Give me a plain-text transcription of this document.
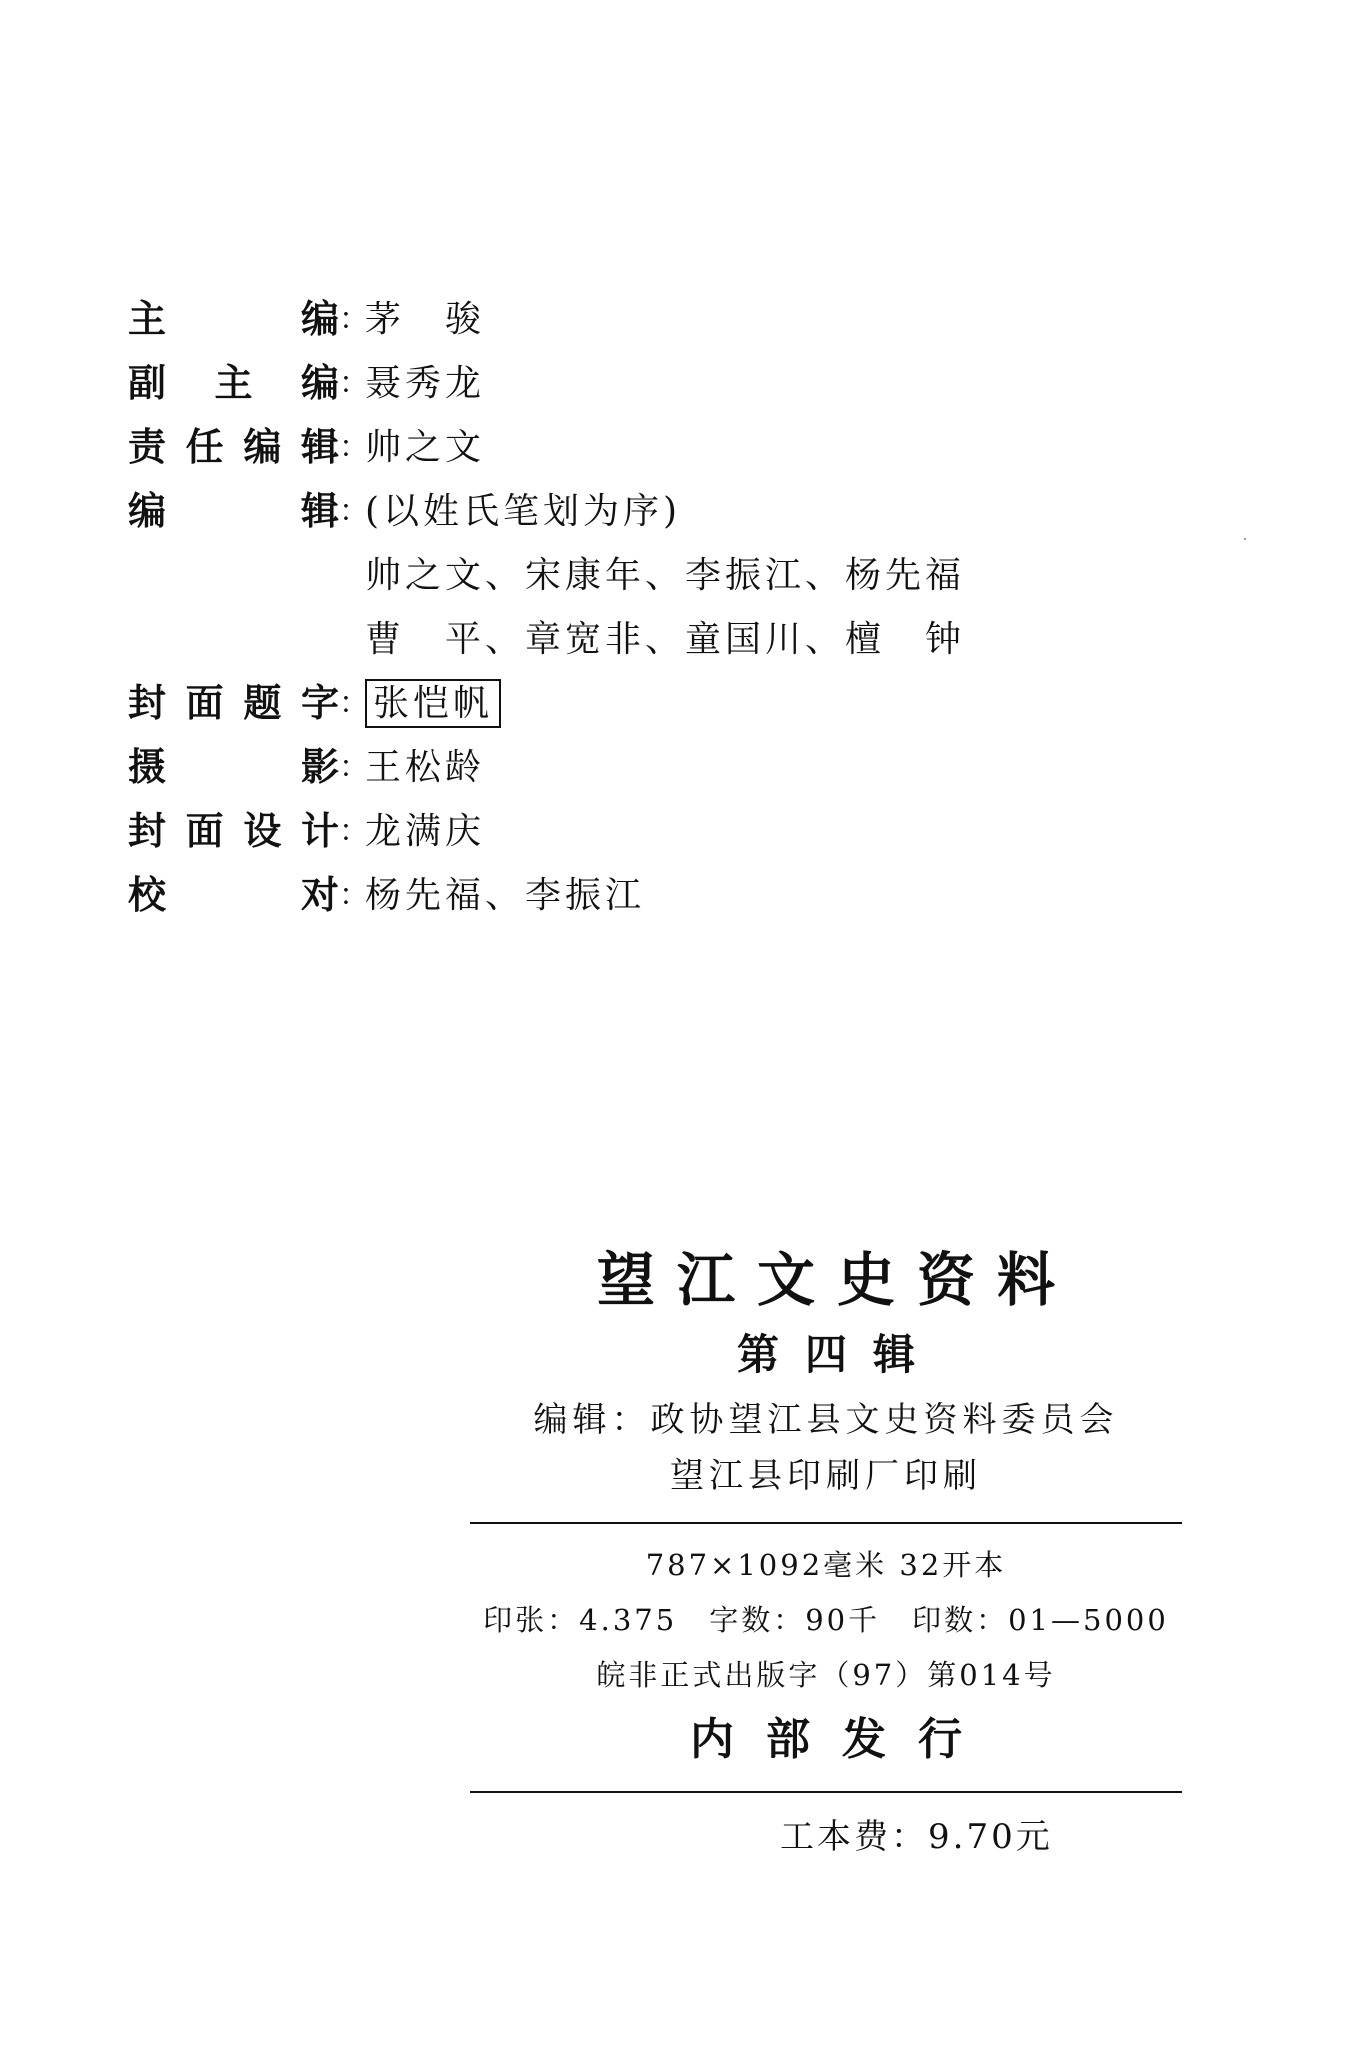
主编 ：
茅　骏
副主编 ：
聂秀龙
责任编辑 ：
帅之文
编辑 ：
(以姓氏笔划为序)
帅之文、宋康年、李振江、杨先福
曹　平、章宽非、童国川、檀　钟
封面题字 ： 张恺帆
摄影 ：
王松龄
封面设计 ：
龙满庆
校对 ：
杨先福、李振江
望江文史资料
第四辑
编辑：政协望江县文史资料委员会
望江县印刷厂印刷
787×1092毫米 32开本
印张：4.375　字数：90千　印数：01—5000
皖非正式出版字（97）第014号
内部发行
工本费：9.70元
